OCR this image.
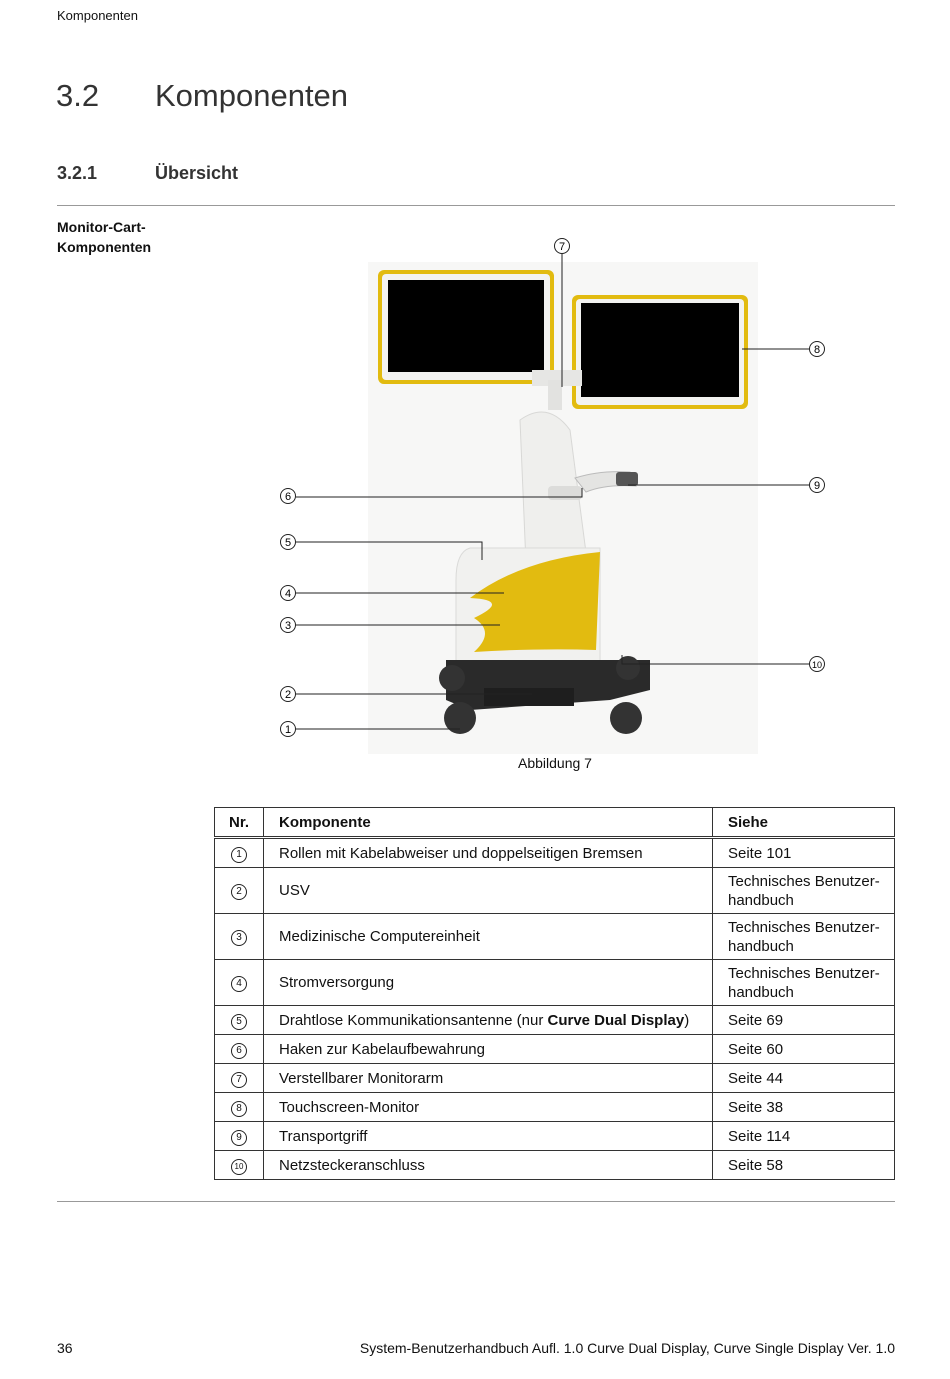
Komponenten
3.2 Komponenten
3.2.1	Übersicht
Monitor-Cart-
Komponenten
1
2
3
4
5
6
7
8
9
10
Abbildung 7
Nr.	Komponente	Siehe
1	Rollen mit Kabelabweiser und doppelseitigen Bremsen	Seite 101
2	USV	Technisches Benutzer-
handbuch

3	Medizinische Computereinheit	Technisches Benutzer-
handbuch

4	Stromversorgung	Technisches Benutzer-
handbuch

5	Drahtlose Kommunikationsantenne (nur Curve Dual Display)	Seite 69
6	Haken zur Kabelaufbewahrung	Seite 60
7	Verstellbarer Monitorarm	Seite 44
8	Touchscreen-Monitor	Seite 38
9	Transportgriff	Seite 114
10	Netzsteckeranschluss	Seite 58
36	System-Benutzerhandbuch Aufl. 1.0 Curve Dual Display, Curve Single Display Ver. 1.0
